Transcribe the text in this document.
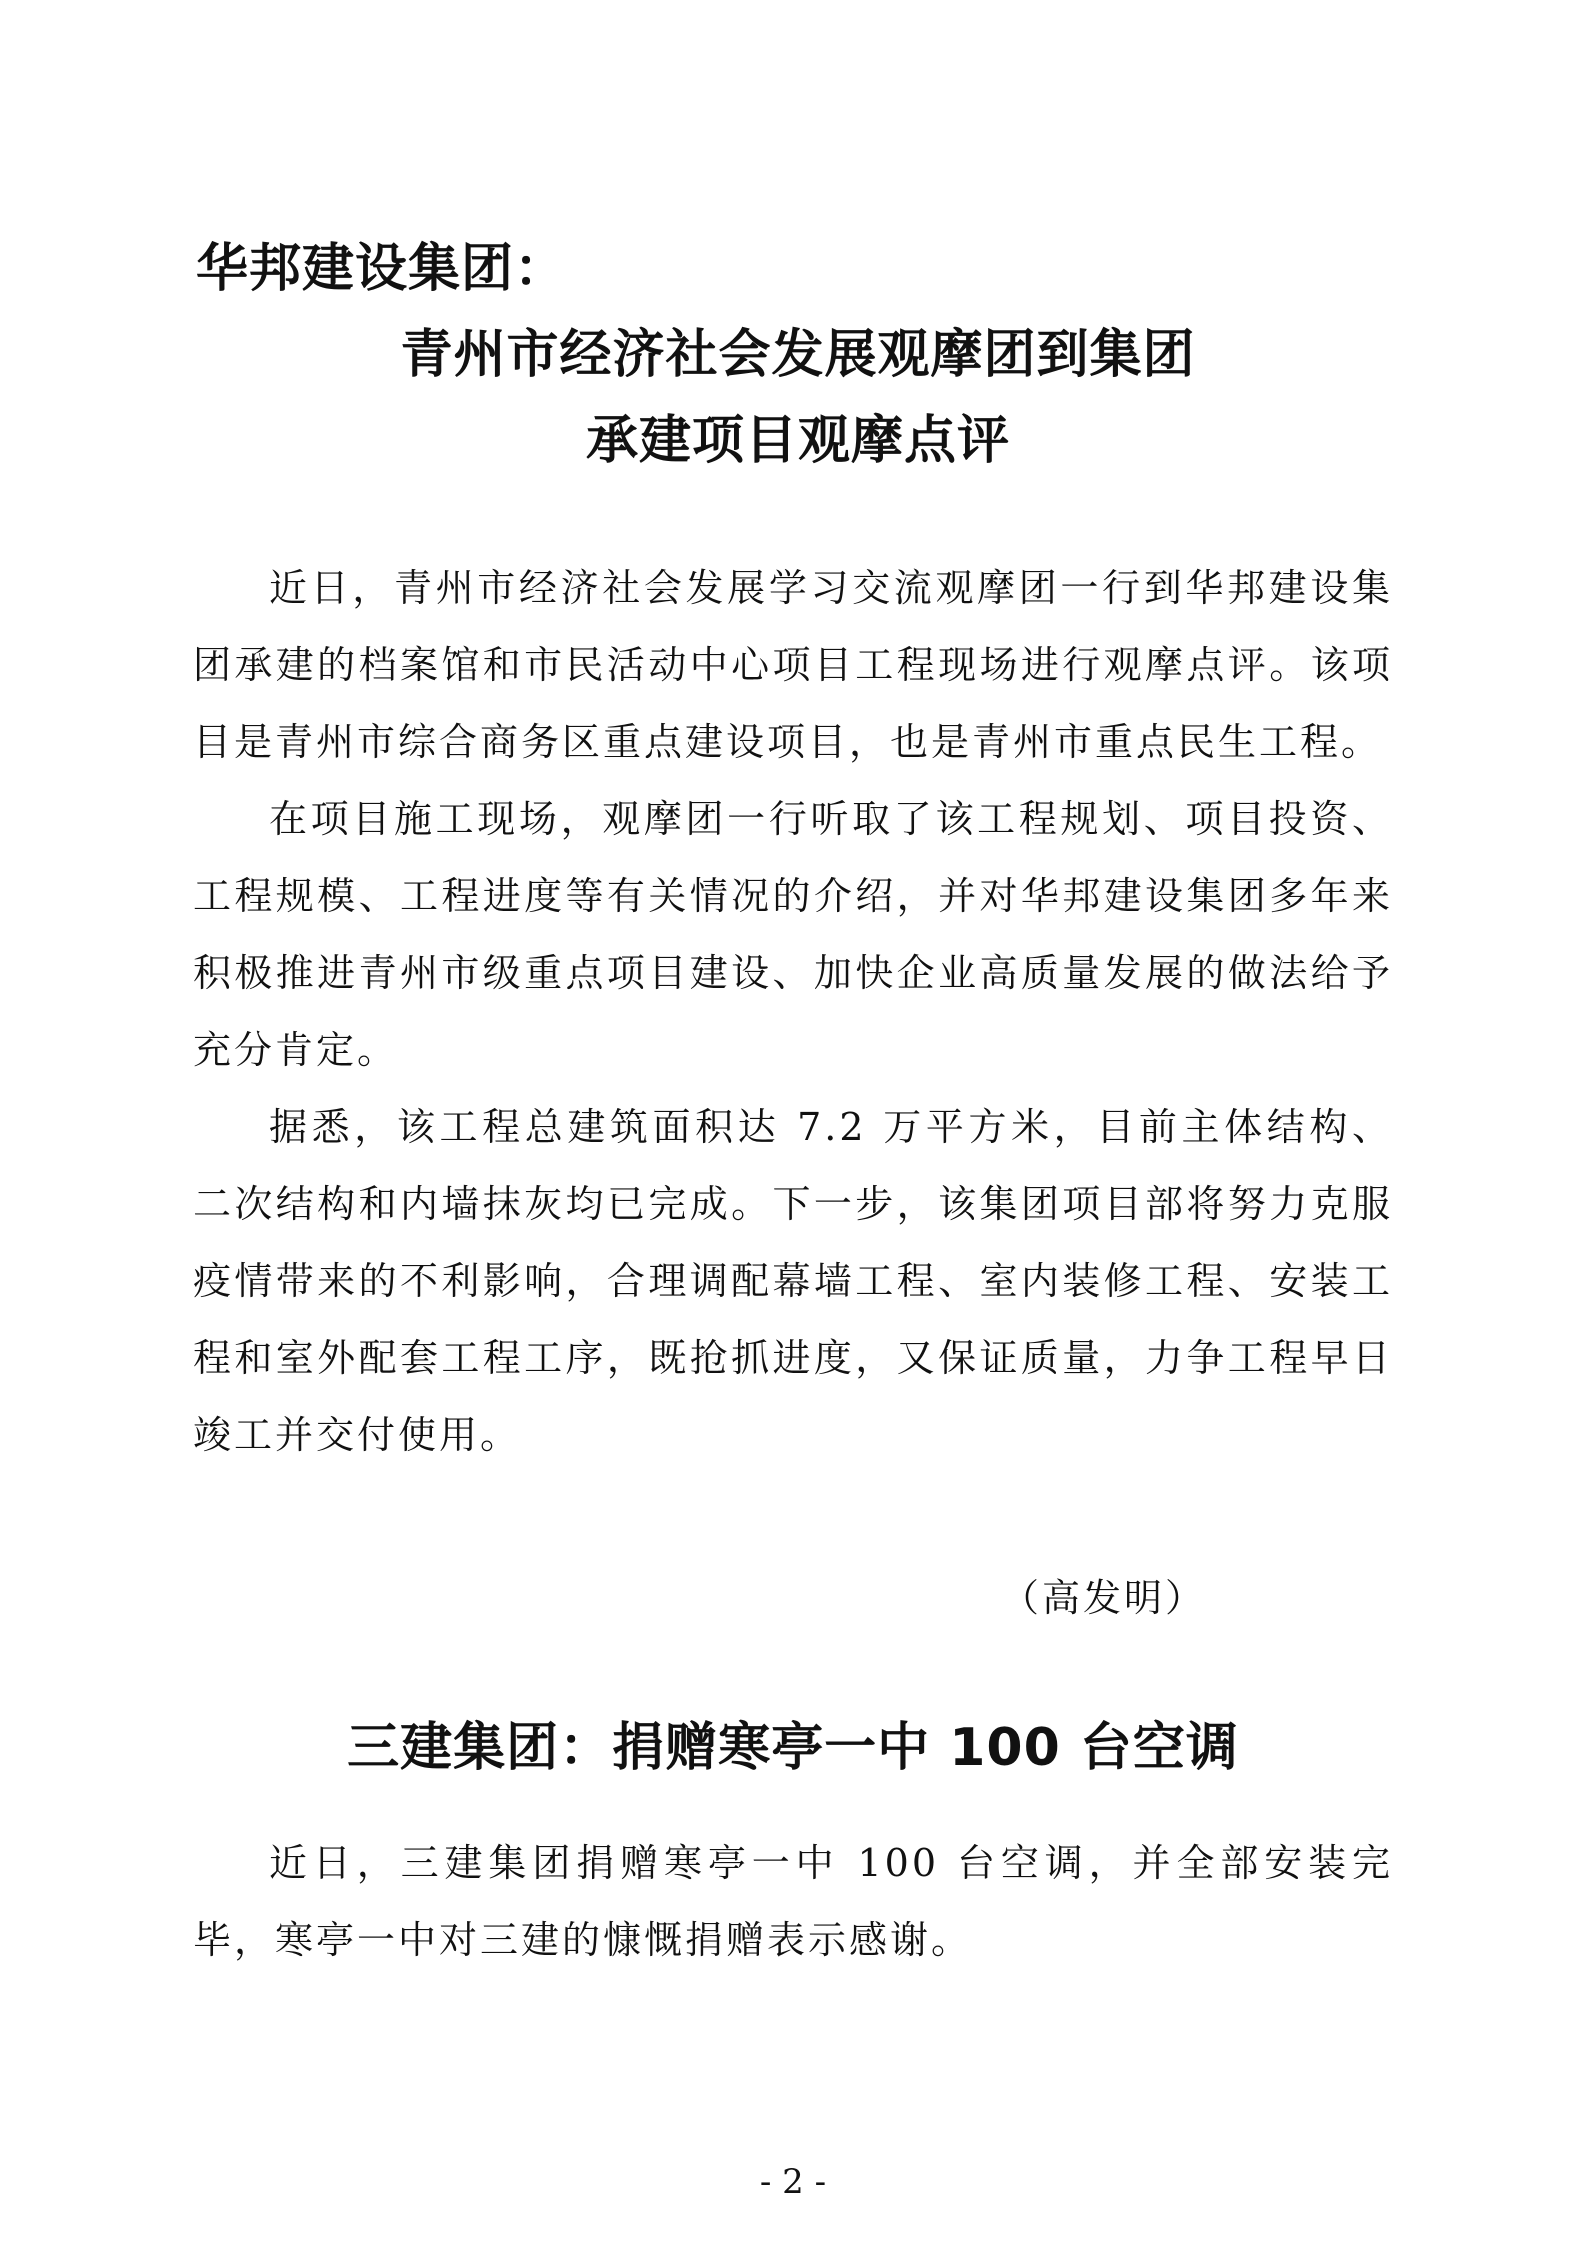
华邦建设集团：
青州市经济社会发展观摩团到集团
承建项目观摩点评

近日，青州市经济社会发展学习交流观摩团一行到华邦建设集团承建的档案馆和市民活动中心项目工程现场进行观摩点评。该项目是青州市综合商务区重点建设项目，也是青州市重点民生工程。

在项目施工现场，观摩团一行听取了该工程规划、项目投资、工程规模、工程进度等有关情况的介绍，并对华邦建设集团多年来积极推进青州市级重点项目建设、加快企业高质量发展的做法给予充分肯定。

据悉，该工程总建筑面积达 7.2 万平方米，目前主体结构、二次结构和内墙抹灰均已完成。下一步，该集团项目部将努力克服疫情带来的不利影响，合理调配幕墙工程、室内装修工程、安装工程和室外配套工程工序，既抢抓进度，又保证质量，力争工程早日竣工并交付使用。

（高发明）
三建集团：捐赠寒亭一中 100 台空调

近日，三建集团捐赠寒亭一中 100 台空调，并全部安装完毕，寒亭一中对三建的慷慨捐赠表示感谢。

- 2 -
